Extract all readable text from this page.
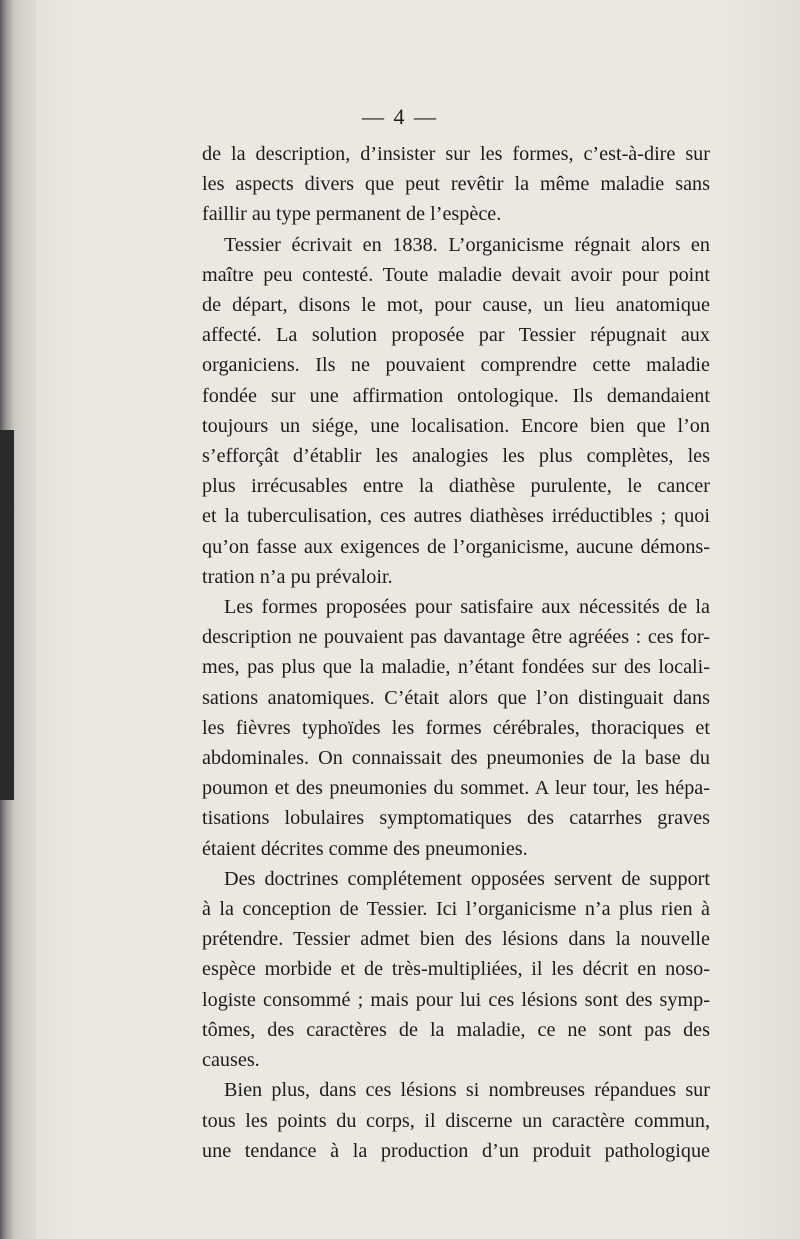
— 4 —
de la description, d’insister sur les formes, c’est-à-dire sur
les aspects divers que peut revêtir la même maladie sans
faillir au type permanent de l’espèce.
Tessier écrivait en 1838. L’organicisme régnait alors en
maître peu contesté. Toute maladie devait avoir pour point
de départ, disons le mot, pour cause, un lieu anatomique
affecté. La solution proposée par Tessier répugnait aux
organiciens. Ils ne pouvaient comprendre cette maladie
fondée sur une affirmation ontologique. Ils demandaient
toujours un siége, une localisation. Encore bien que l’on
s’efforçât d’établir les analogies les plus complètes, les
plus irrécusables entre la diathèse purulente, le cancer
et la tuberculisation, ces autres diathèses irréductibles ; quoi
qu’on fasse aux exigences de l’organicisme, aucune démons-
tration n’a pu prévaloir.
Les formes proposées pour satisfaire aux nécessités de la
description ne pouvaient pas davantage être agréées : ces for-
mes, pas plus que la maladie, n’étant fondées sur des locali-
sations anatomiques. C’était alors que l’on distinguait dans
les fièvres typhoïdes les formes cérébrales, thoraciques et
abdominales. On connaissait des pneumonies de la base du
poumon et des pneumonies du sommet. A leur tour, les hépa-
tisations lobulaires symptomatiques des catarrhes graves
étaient décrites comme des pneumonies.
Des doctrines complétement opposées servent de support
à la conception de Tessier. Ici l’organicisme n’a plus rien à
prétendre. Tessier admet bien des lésions dans la nouvelle
espèce morbide et de très-multipliées, il les décrit en noso-
logiste consommé ; mais pour lui ces lésions sont des symp-
tômes, des caractères de la maladie, ce ne sont pas des
causes.
Bien plus, dans ces lésions si nombreuses répandues sur
tous les points du corps, il discerne un caractère commun,
une tendance à la production d’un produit pathologique
